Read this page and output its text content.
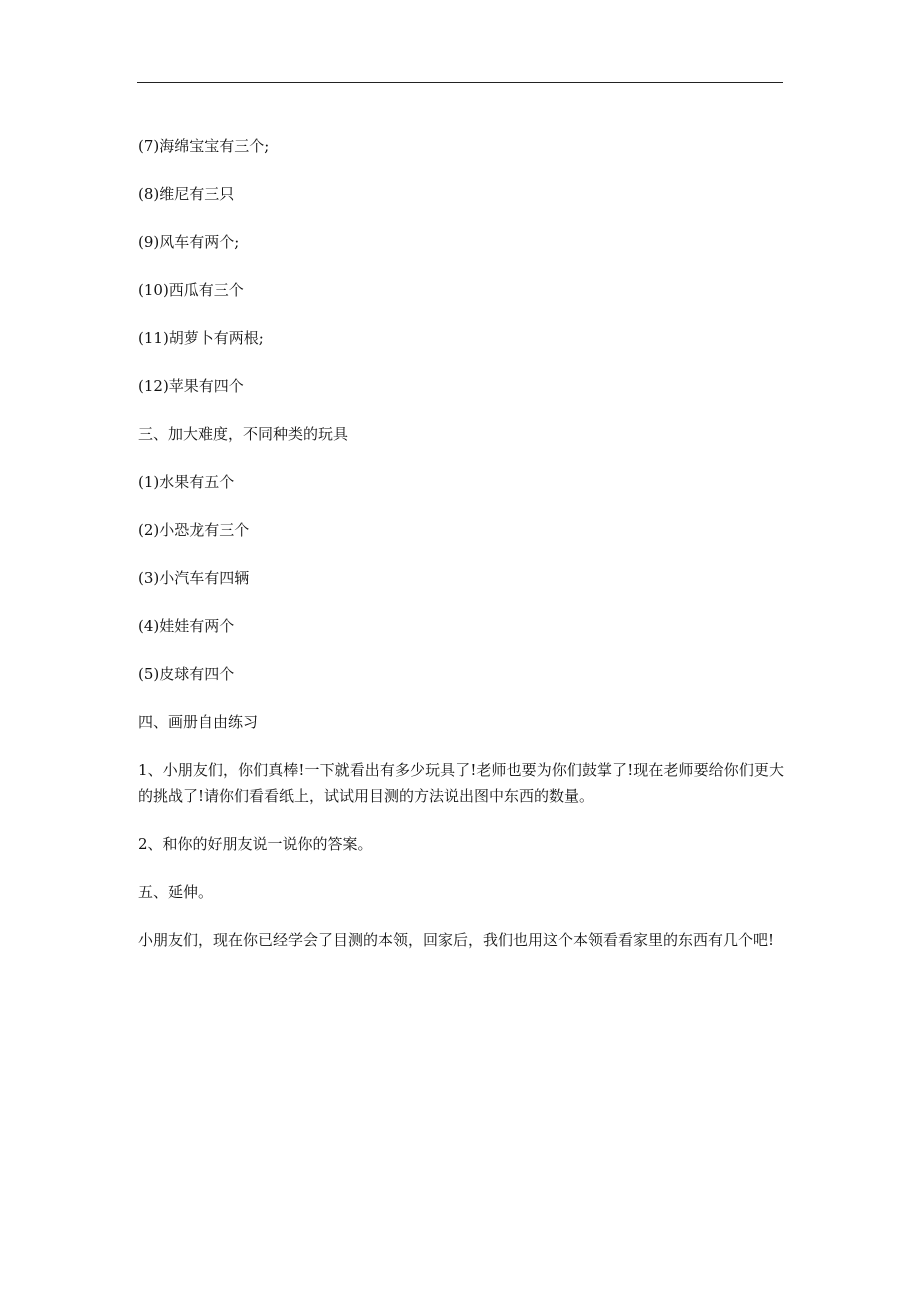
(7)海绵宝宝有三个;

(8)维尼有三只

(9)风车有两个;

(10)西瓜有三个

(11)胡萝卜有两根;

(12)苹果有四个

三、加大难度，不同种类的玩具

(1)水果有五个

(2)小恐龙有三个

(3)小汽车有四辆

(4)娃娃有两个

(5)皮球有四个

四、画册自由练习

1、小朋友们，你们真棒!一下就看出有多少玩具了!老师也要为你们鼓掌了!现在老师要给你们更大的挑战了!请你们看看纸上，试试用目测的方法说出图中东西的数量。

2、和你的好朋友说一说你的答案。

五、延伸。

小朋友们，现在你已经学会了目测的本领，回家后，我们也用这个本领看看家里的东西有几个吧!
